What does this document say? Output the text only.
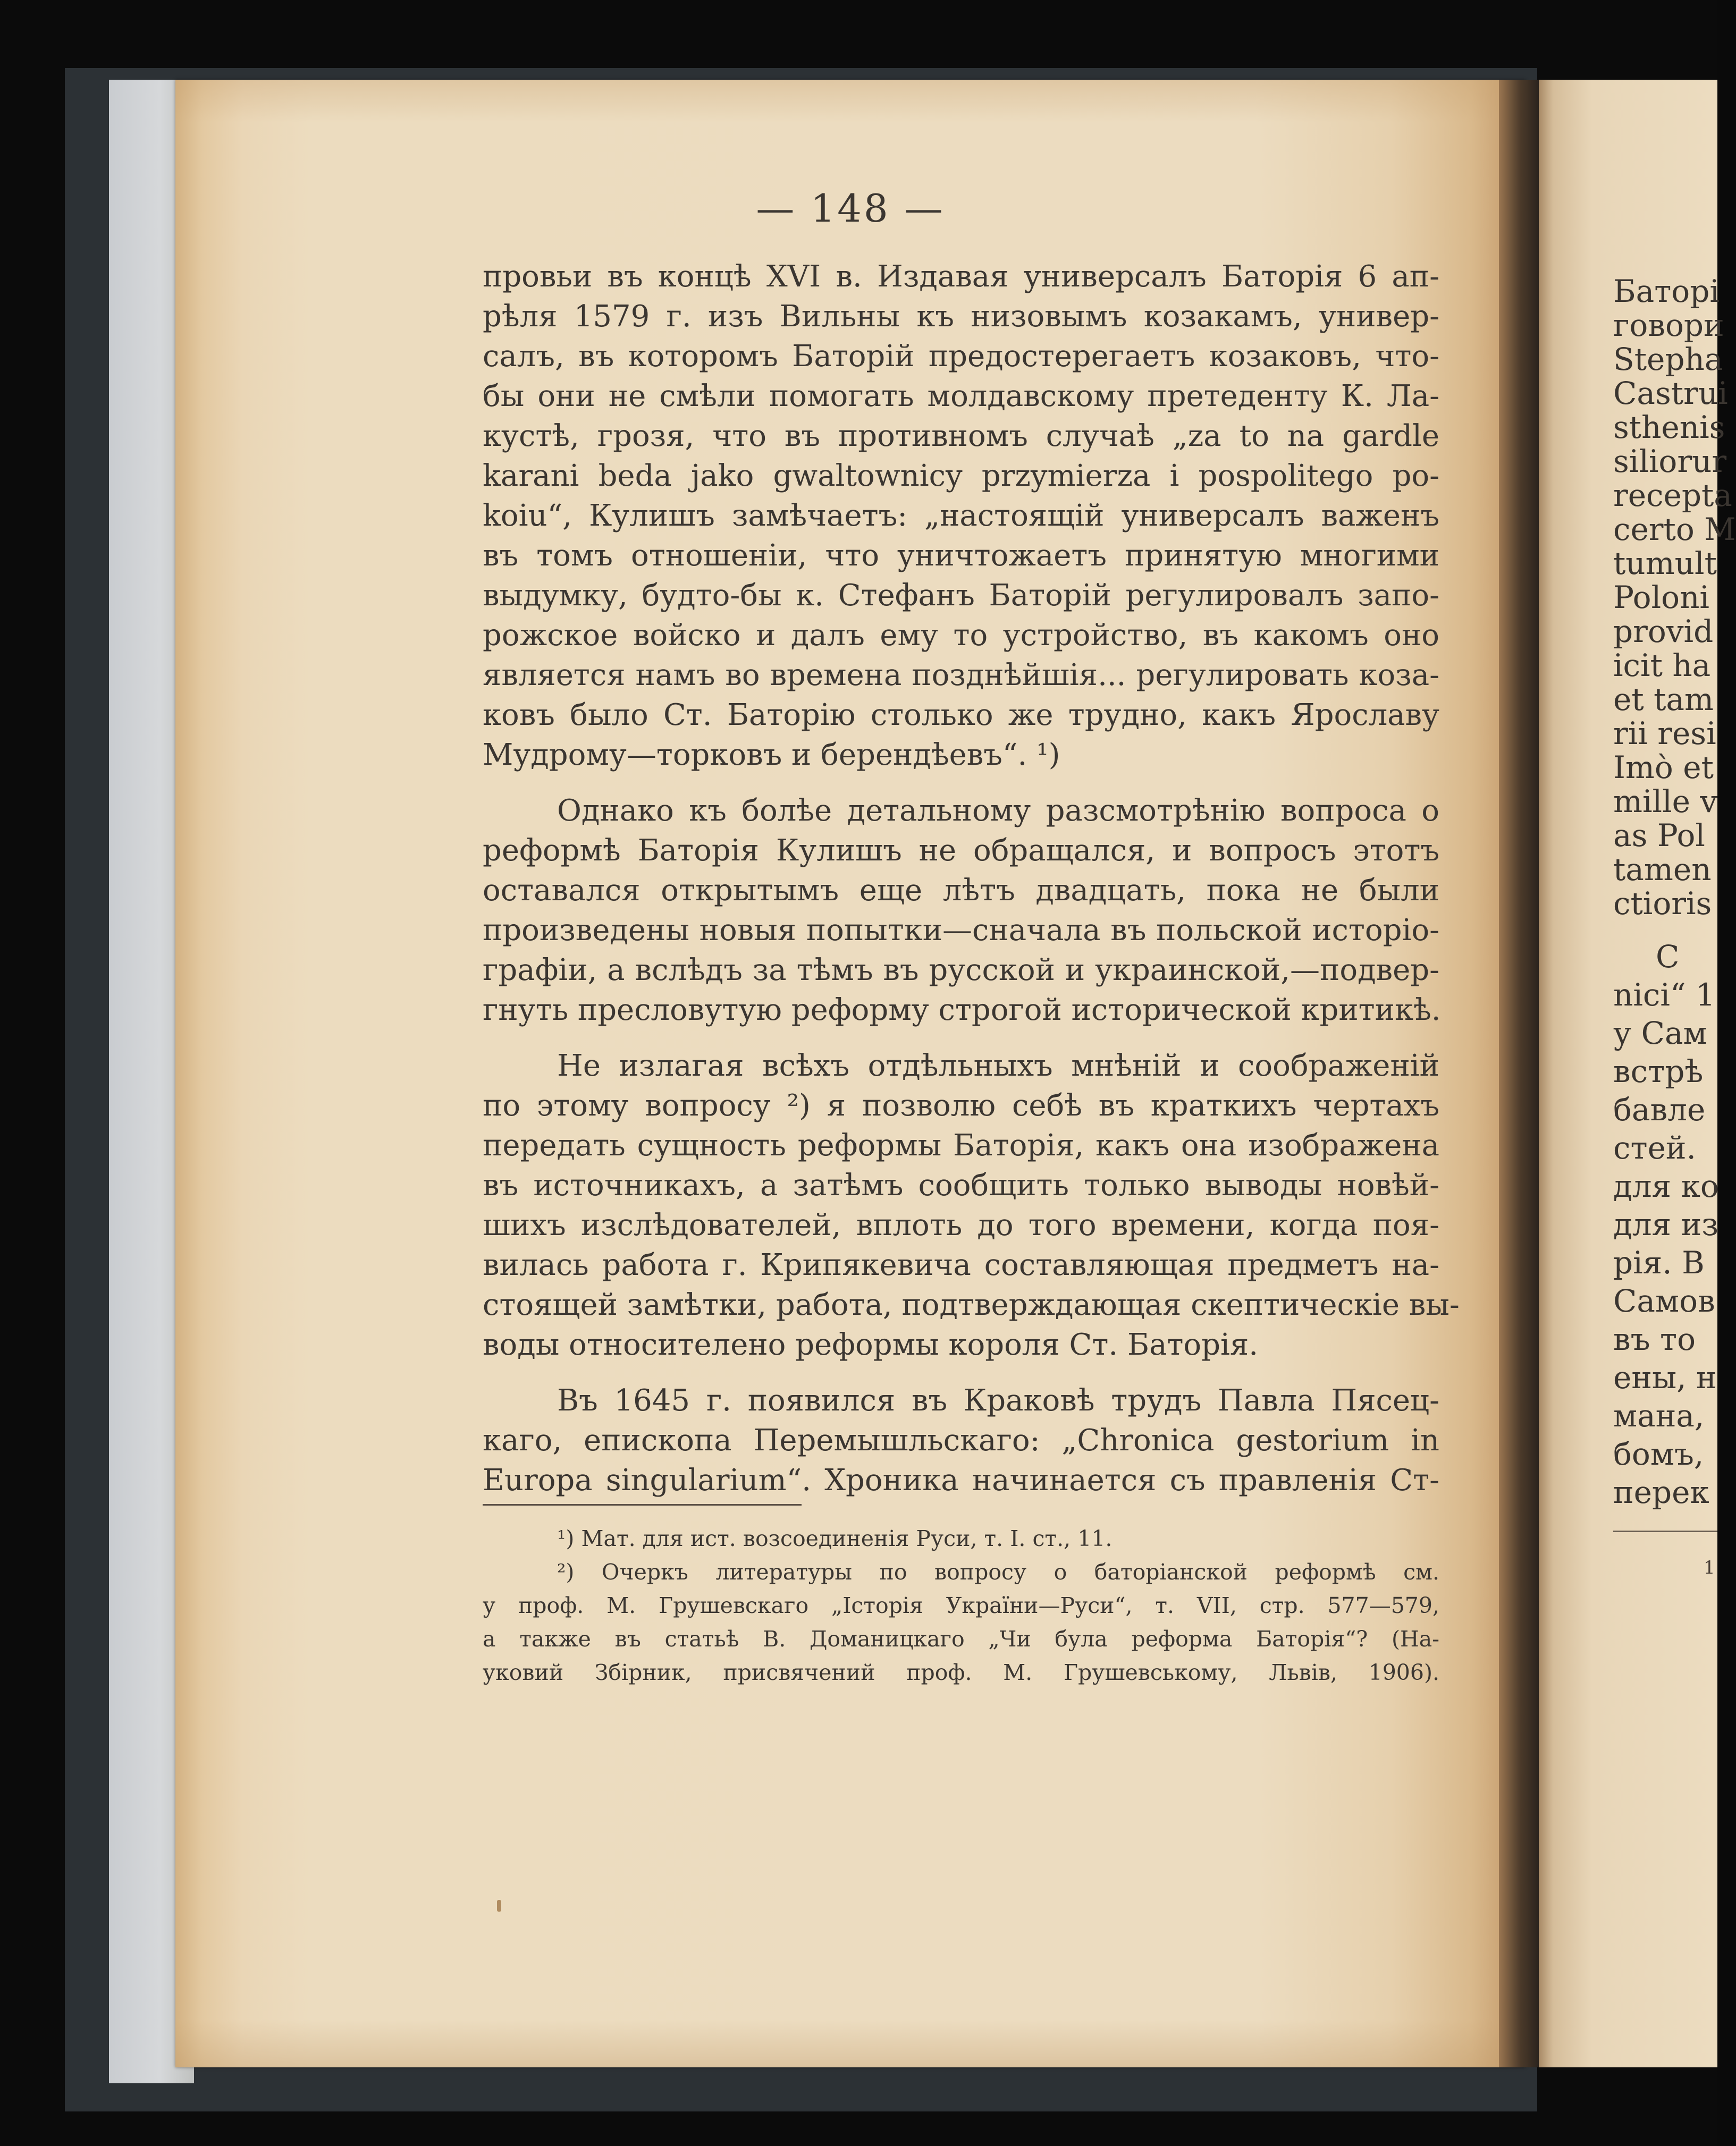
— 148 —
провьи въ концѣ XVI в. Издавая универсалъ Баторія 6 ап-
рѣля 1579 г. изъ Вильны къ низовымъ козакамъ, универ-
салъ, въ которомъ Баторій предостерегаетъ козаковъ, что-
бы они не смѣли помогать молдавскому претеденту К. Ла-
кустѣ, грозя, что въ противномъ случаѣ „za to na gardle
karani beda jako gwaltownicy przymierza i pospolitego po-
koiu“, Кулишъ замѣчаетъ: „настоящій универсалъ важенъ
въ томъ отношеніи, что уничтожаетъ принятую многими
выдумку, будто-бы к. Стефанъ Баторій регулировалъ запо-
рожское войско и далъ ему то устройство, въ какомъ оно
является намъ во времена позднѣйшія... регулировать коза-
ковъ было Ст. Баторію столько же трудно, какъ Ярославу
Мудрому—торковъ и берендѣевъ“. ¹)
Однако къ болѣе детальному разсмотрѣнію вопроса о
реформѣ Баторія Кулишъ не обращался, и вопросъ этотъ
оставался открытымъ еще лѣтъ двадцать, пока не были
произведены новыя попытки—сначала въ польской исторіо-
графіи, а вслѣдъ за тѣмъ въ русской и украинской,—подвер-
гнуть пресловутую реформу строгой исторической критикѣ.
Не излагая всѣхъ отдѣльныхъ мнѣній и соображеній
по этому вопросу ²) я позволю себѣ въ краткихъ чертахъ
передать сущность реформы Баторія, какъ она изображена
въ источникахъ, а затѣмъ сообщить только выводы новѣй-
шихъ изслѣдователей, вплоть до того времени, когда поя-
вилась работа г. Крипякевича составляющая предметъ на-
стоящей замѣтки, работа, подтверждающая скептическіе вы-
воды относителено реформы короля Ст. Баторія.
Въ 1645 г. появился въ Краковѣ трудъ Павла Пясец-
каго, епископа Перемышльскаго: „Chronica gestorium in
Europa singularium“. Хроника начинается съ правленія Ст-
¹) Мат. для ист. возсоединенія Руси, т. I. ст., 11.
²) Очеркъ литературы по вопросу о баторіанской реформѣ см.
у проф. М. Грушевскаго „Історія України—Руси“, т. VII, стр. 577—579,
а также въ статьѣ В. Доманицкаго „Чи була реформа Баторія“? (На-
уковий Збірник, присвячений проф. М. Грушевському, Львів, 1906).
Баторі
говори
Stepha
Castrui
sthenis
siliorur
recepta
certo M
tumult
Poloni
provid
icit ha
et tam
rii resi
Imò et
mille v
as Pol
tamen
ctioris
C
nici“ 1
у Сам
встрѣ
бавле
стей.
для ко
для из
рія. В
Самов
въ то
ены, н
мана,
бомъ,
перек
1
